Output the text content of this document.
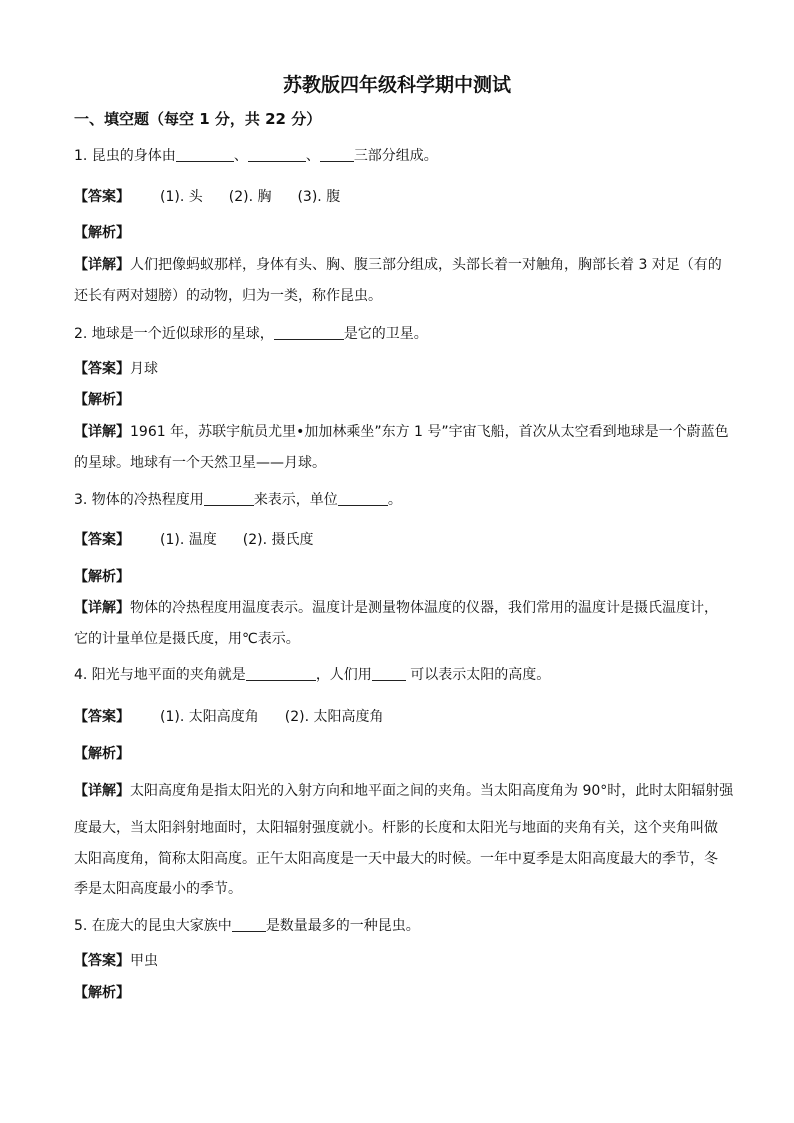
苏教版四年级科学期中测试
一、填空题（每空 1 分，共 22 分）
1. 昆虫的身体由	、	、 三部分组成。
【答案】 (1). 头 (2). 胸 (3). 腹
【解析】
【详解】人们把像蚂蚁那样，身体有头、胸、腹三部分组成，头部长着一对触角，胸部长着 3 对足（有的
还长有两对翅膀）的动物，归为一类，称作昆虫。
2. 地球是一个近似球形的星球，	是它的卫星。
【答案】月球
【解析】
【详解】1961 年，苏联宇航员尤里•加加林乘坐”东方 1 号”宇宙飞船，首次从太空看到地球是一个蔚蓝色
的星球。地球有一个天然卫星——月球。
3. 物体的冷热程度用	来表示，单位	。
【答案】 (1). 温度 (2). 摄氏度
【解析】
【详解】物体的冷热程度用温度表示。温度计是测量物体温度的仪器，我们常用的温度计是摄氏温度计，
它的计量单位是摄氏度，用℃表示。
4. 阳光与地平面的夹角就是	，人们用 可以表示太阳的高度。
【答案】 (1). 太阳高度角 (2). 太阳高度角
【解析】
【详解】太阳高度角是指太阳光的入射方向和地平面之间的夹角。当太阳高度角为 90°时，此时太阳辐射强
度最大，当太阳斜射地面时，太阳辐射强度就小。杆影的长度和太阳光与地面的夹角有关，这个夹角叫做
太阳高度角，简称太阳高度。正午太阳高度是一天中最大的时候。一年中夏季是太阳高度最大的季节，冬
季是太阳高度最小的季节。
5. 在庞大的昆虫大家族中 是数量最多的一种昆虫。
【答案】甲虫
【解析】
